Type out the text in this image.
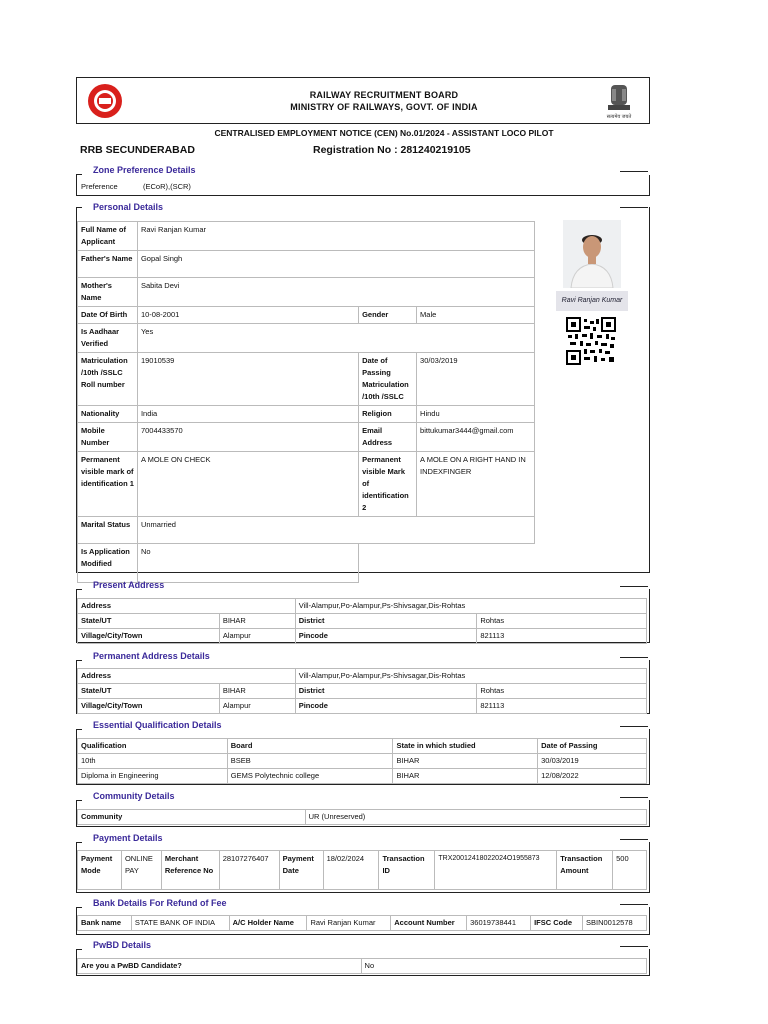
सत्यमेव जयते
RAILWAY RECRUITMENT BOARD
MINISTRY OF RAILWAYS, GOVT. OF INDIA
CENTRALISED EMPLOYMENT NOTICE (CEN) No.01/2024 - ASSISTANT LOCO PILOT
RRB SECUNDERABAD	Registration No : 281240219105
Zone Preference Details
Preference	(ECoR),(SCR)
Personal Details
Full Name of Applicant	Ravi Ranjan Kumar		
Father's Name	Gopal Singh		
Mother's Name	Sabita Devi		
Date Of Birth	10-08-2001	Gender	Male
Is Aadhaar Verified	Yes		
Matriculation /10th /SSLC Roll number	19010539	Date of Passing Matriculation /10th /SSLC	30/03/2019
Nationality	India	Religion	Hindu
Mobile Number	7004433570	Email Address	bittukumar3444@gmail.com
Permanent visible mark of identification 1	A MOLE ON CHECK	Permanent visible Mark of identification 2	A MOLE ON A RIGHT HAND IN INDEXFINGER
Marital Status	Unmarried		
Is Application Modified	No		
Ravi Ranjan Kumar
Present Address
Address		Vill-Alampur,Po-Alampur,Ps-Shivsagar,Dis-Rohtas	
State/UT	BIHAR	District	Rohtas
Village/City/Town	Alampur	Pincode	821113
Permanent Address Details
Address		Vill-Alampur,Po-Alampur,Ps-Shivsagar,Dis-Rohtas	
State/UT	BIHAR	District	Rohtas
Village/City/Town	Alampur	Pincode	821113
Essential Qualification Details
Qualification	Board	State in which studied	Date of Passing
10th	BSEB	BIHAR	30/03/2019
Diploma in Engineering	GEMS Polytechnic college	BIHAR	12/08/2022
Community Details
Community	UR (Unreserved)
Payment Details
Payment Mode	ONLINE PAY	Merchant Reference No	28107276407	Payment Date	18/02/2024	Transaction ID	TRX20012418022024O1955873	Transaction Amount	500
Bank Details For Refund of Fee
Bank name	STATE BANK OF INDIA	A/C Holder Name	Ravi Ranjan Kumar	Account Number	36019738441	IFSC Code	SBIN0012578
PwBD Details
Are you a PwBD Candidate?	No
